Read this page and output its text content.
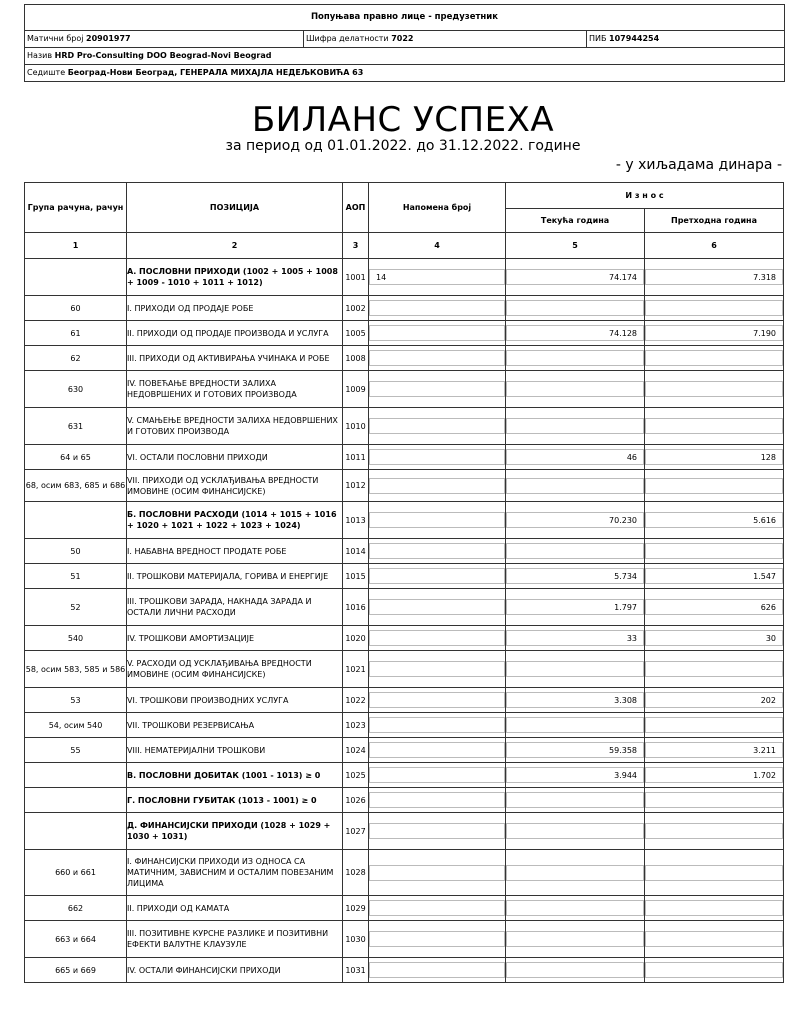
Попуњава правно лице - предузетник
Матични број 20901977	Шифра делатности 7022	ПИБ 107944254
Назив HRD Pro-Consulting DOO Beograd-Novi Beograd
Седиште Београд-Нови Београд, ГЕНЕРАЛА МИХАЈЛА НЕДЕЉКОВИЋА 63
БИЛАНС УСПЕХА
за период од 01.01.2022. до 31.12.2022. године
- у хиљадама динара -
Група рачуна, рачун	ПОЗИЦИЈА	АОП	Напомена број	И з н о с	
				Текућа година	Претходна година
1	2	3	4	5	6
	А. ПОСЛОВНИ ПРИХОДИ (1002 + 1005 + 1008 + 1009 - 1010 + 1011 + 1012)	1001	14	74.174	7.318

60	I. ПРИХОДИ ОД ПРОДАЈЕ РОБЕ	1002	

61	II. ПРИХОДИ ОД ПРОДАЈЕ ПРОИЗВОДА И УСЛУГА	1005		74.128	7.190

62	III. ПРИХОДИ ОД АКТИВИРАЊА УЧИНАКА И РОБЕ	1008	

630	IV. ПОВЕЋАЊЕ ВРЕДНОСТИ ЗАЛИХА НЕДОВРШЕНИХ И ГОТОВИХ ПРОИЗВОДА	1009	

631	V. СМАЊЕЊЕ ВРЕДНОСТИ ЗАЛИХА НЕДОВРШЕНИХ И ГОТОВИХ ПРОИЗВОДА	1010	

64 и 65	VI. ОСТАЛИ ПОСЛОВНИ ПРИХОДИ	1011		46	128

68, осим 683, 685 и 686	VII. ПРИХОДИ ОД УСКЛАЂИВАЊА ВРЕДНОСТИ ИМОВИНЕ (ОСИМ ФИНАНСИЈСКЕ)	1012	

	Б. ПОСЛОВНИ РАСХОДИ (1014 + 1015 + 1016 + 1020 + 1021 + 1022 + 1023 + 1024)	1013		70.230	5.616

50	I. НАБАВНА ВРЕДНОСТ ПРОДАТЕ РОБЕ	1014	

51	II. ТРОШКОВИ МАТЕРИЈАЛА, ГОРИВА И ЕНЕРГИЈЕ	1015		5.734	1.547

52	III. ТРОШКОВИ ЗАРАДА, НАКНАДА ЗАРАДА И ОСТАЛИ ЛИЧНИ РАСХОДИ	1016		1.797	626

540	IV. ТРОШКОВИ АМОРТИЗАЦИЈЕ	1020		33	30

58, осим 583, 585 и 586	V. РАСХОДИ ОД УСКЛАЂИВАЊА ВРЕДНОСТИ ИМОВИНЕ (ОСИМ ФИНАНСИЈСКЕ)	1021	

53	VI. ТРОШКОВИ ПРОИЗВОДНИХ УСЛУГА	1022		3.308	202

54, осим 540	VII. ТРОШКОВИ РЕЗЕРВИСАЊА	1023	

55	VIII. НЕМАТЕРИЈАЛНИ ТРОШКОВИ	1024		59.358	3.211

	В. ПОСЛОВНИ ДОБИТАК (1001 - 1013) ≥ 0	1025		3.944	1.702

	Г. ПОСЛОВНИ ГУБИТАК (1013 - 1001) ≥ 0	1026	

	Д. ФИНАНСИЈСКИ ПРИХОДИ (1028 + 1029 + 1030 + 1031)	1027	

660 и 661	I. ФИНАНСИЈСКИ ПРИХОДИ ИЗ ОДНОСА СА МАТИЧНИМ, ЗАВИСНИМ И ОСТАЛИМ ПОВЕЗАНИМ ЛИЦИМА	1028	

662	II. ПРИХОДИ ОД КАМАТА	1029	

663 и 664	III. ПОЗИТИВНЕ КУРСНЕ РАЗЛИКЕ И ПОЗИТИВНИ ЕФЕКТИ ВАЛУТНЕ КЛАУЗУЛЕ	1030	

665 и 669	IV. ОСТАЛИ ФИНАНСИЈСКИ ПРИХОДИ	1031	
